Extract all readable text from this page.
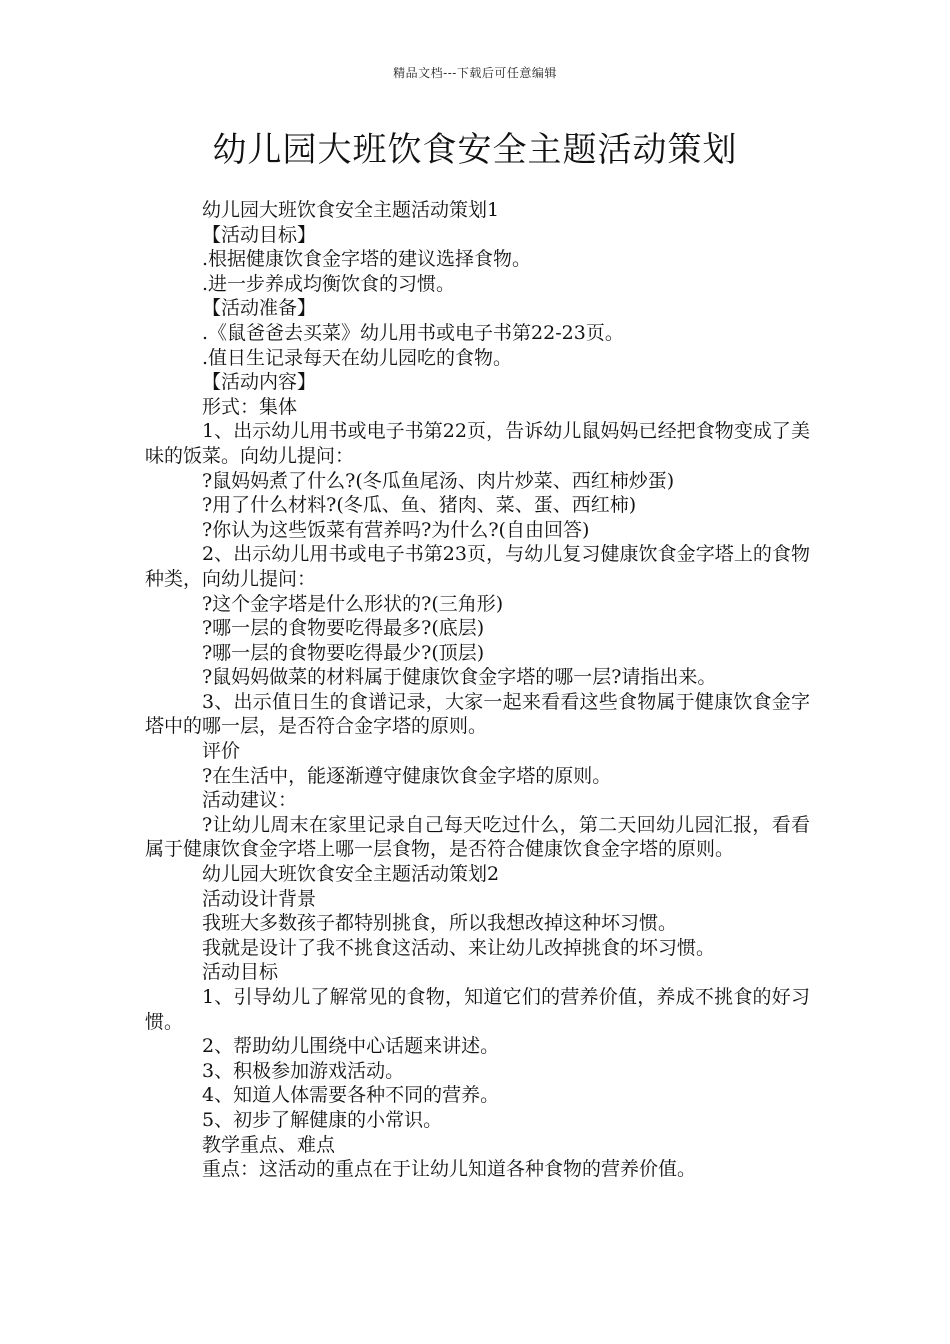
精品文档---下载后可任意编辑
幼儿园大班饮食安全主题活动策划

幼儿园大班饮食安全主题活动策划1

【活动目标】

.根据健康饮食金字塔的建议选择食物。

.进一步养成均衡饮食的习惯。

【活动准备】

.《鼠爸爸去买菜》幼儿用书或电子书第22-23页。

.值日生记录每天在幼儿园吃的食物。

【活动内容】

形式：集体

1、出示幼儿用书或电子书第22页，告诉幼儿鼠妈妈已经把食物变成了美味的饭菜。向幼儿提问：

?鼠妈妈煮了什么?(冬瓜鱼尾汤、肉片炒菜、西红柿炒蛋)

?用了什么材料?(冬瓜、鱼、猪肉、菜、蛋、西红柿)

?你认为这些饭菜有营养吗?为什么?(自由回答)

2、出示幼儿用书或电子书第23页，与幼儿复习健康饮食金字塔上的食物种类，向幼儿提问：

?这个金字塔是什么形状的?(三角形)

?哪一层的食物要吃得最多?(底层)

?哪一层的食物要吃得最少?(顶层)

?鼠妈妈做菜的材料属于健康饮食金字塔的哪一层?请指出来。

3、出示值日生的食谱记录，大家一起来看看这些食物属于健康饮食金字塔中的哪一层，是否符合金字塔的原则。

评价

?在生活中，能逐渐遵守健康饮食金字塔的原则。

活动建议：

?让幼儿周末在家里记录自己每天吃过什么，第二天回幼儿园汇报，看看属于健康饮食金字塔上哪一层食物，是否符合健康饮食金字塔的原则。

幼儿园大班饮食安全主题活动策划2

活动设计背景

我班大多数孩子都特别挑食，所以我想改掉这种坏习惯。

我就是设计了我不挑食这活动、来让幼儿改掉挑食的坏习惯。

活动目标

1、引导幼儿了解常见的食物，知道它们的营养价值，养成不挑食的好习惯。

2、帮助幼儿围绕中心话题来讲述。

3、积极参加游戏活动。

4、知道人体需要各种不同的营养。

5、初步了解健康的小常识。

教学重点、难点

重点：这活动的重点在于让幼儿知道各种食物的营养价值。
